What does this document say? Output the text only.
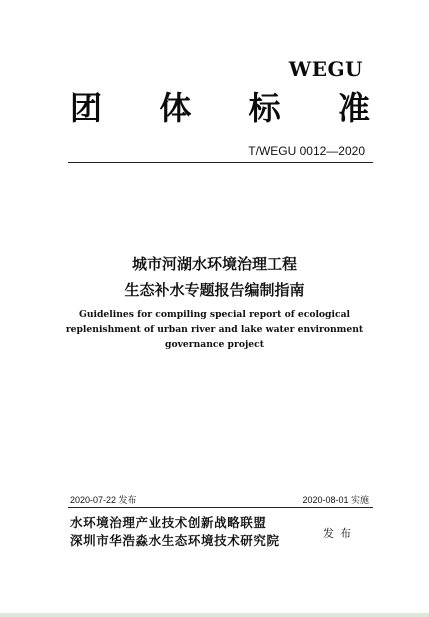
WEGU
团 体 标 准
T/WEGU 0012—2020
城市河湖水环境治理工程
生态补水专题报告编制指南
Guidelines for compiling special report of ecological
replenishment of urban river and lake water environment
governance project
2020-07-22 发布	2020-08-01 实施
水环境治理产业技术创新战略联盟
深圳市华浩淼水生态环境技术研究院	发布
